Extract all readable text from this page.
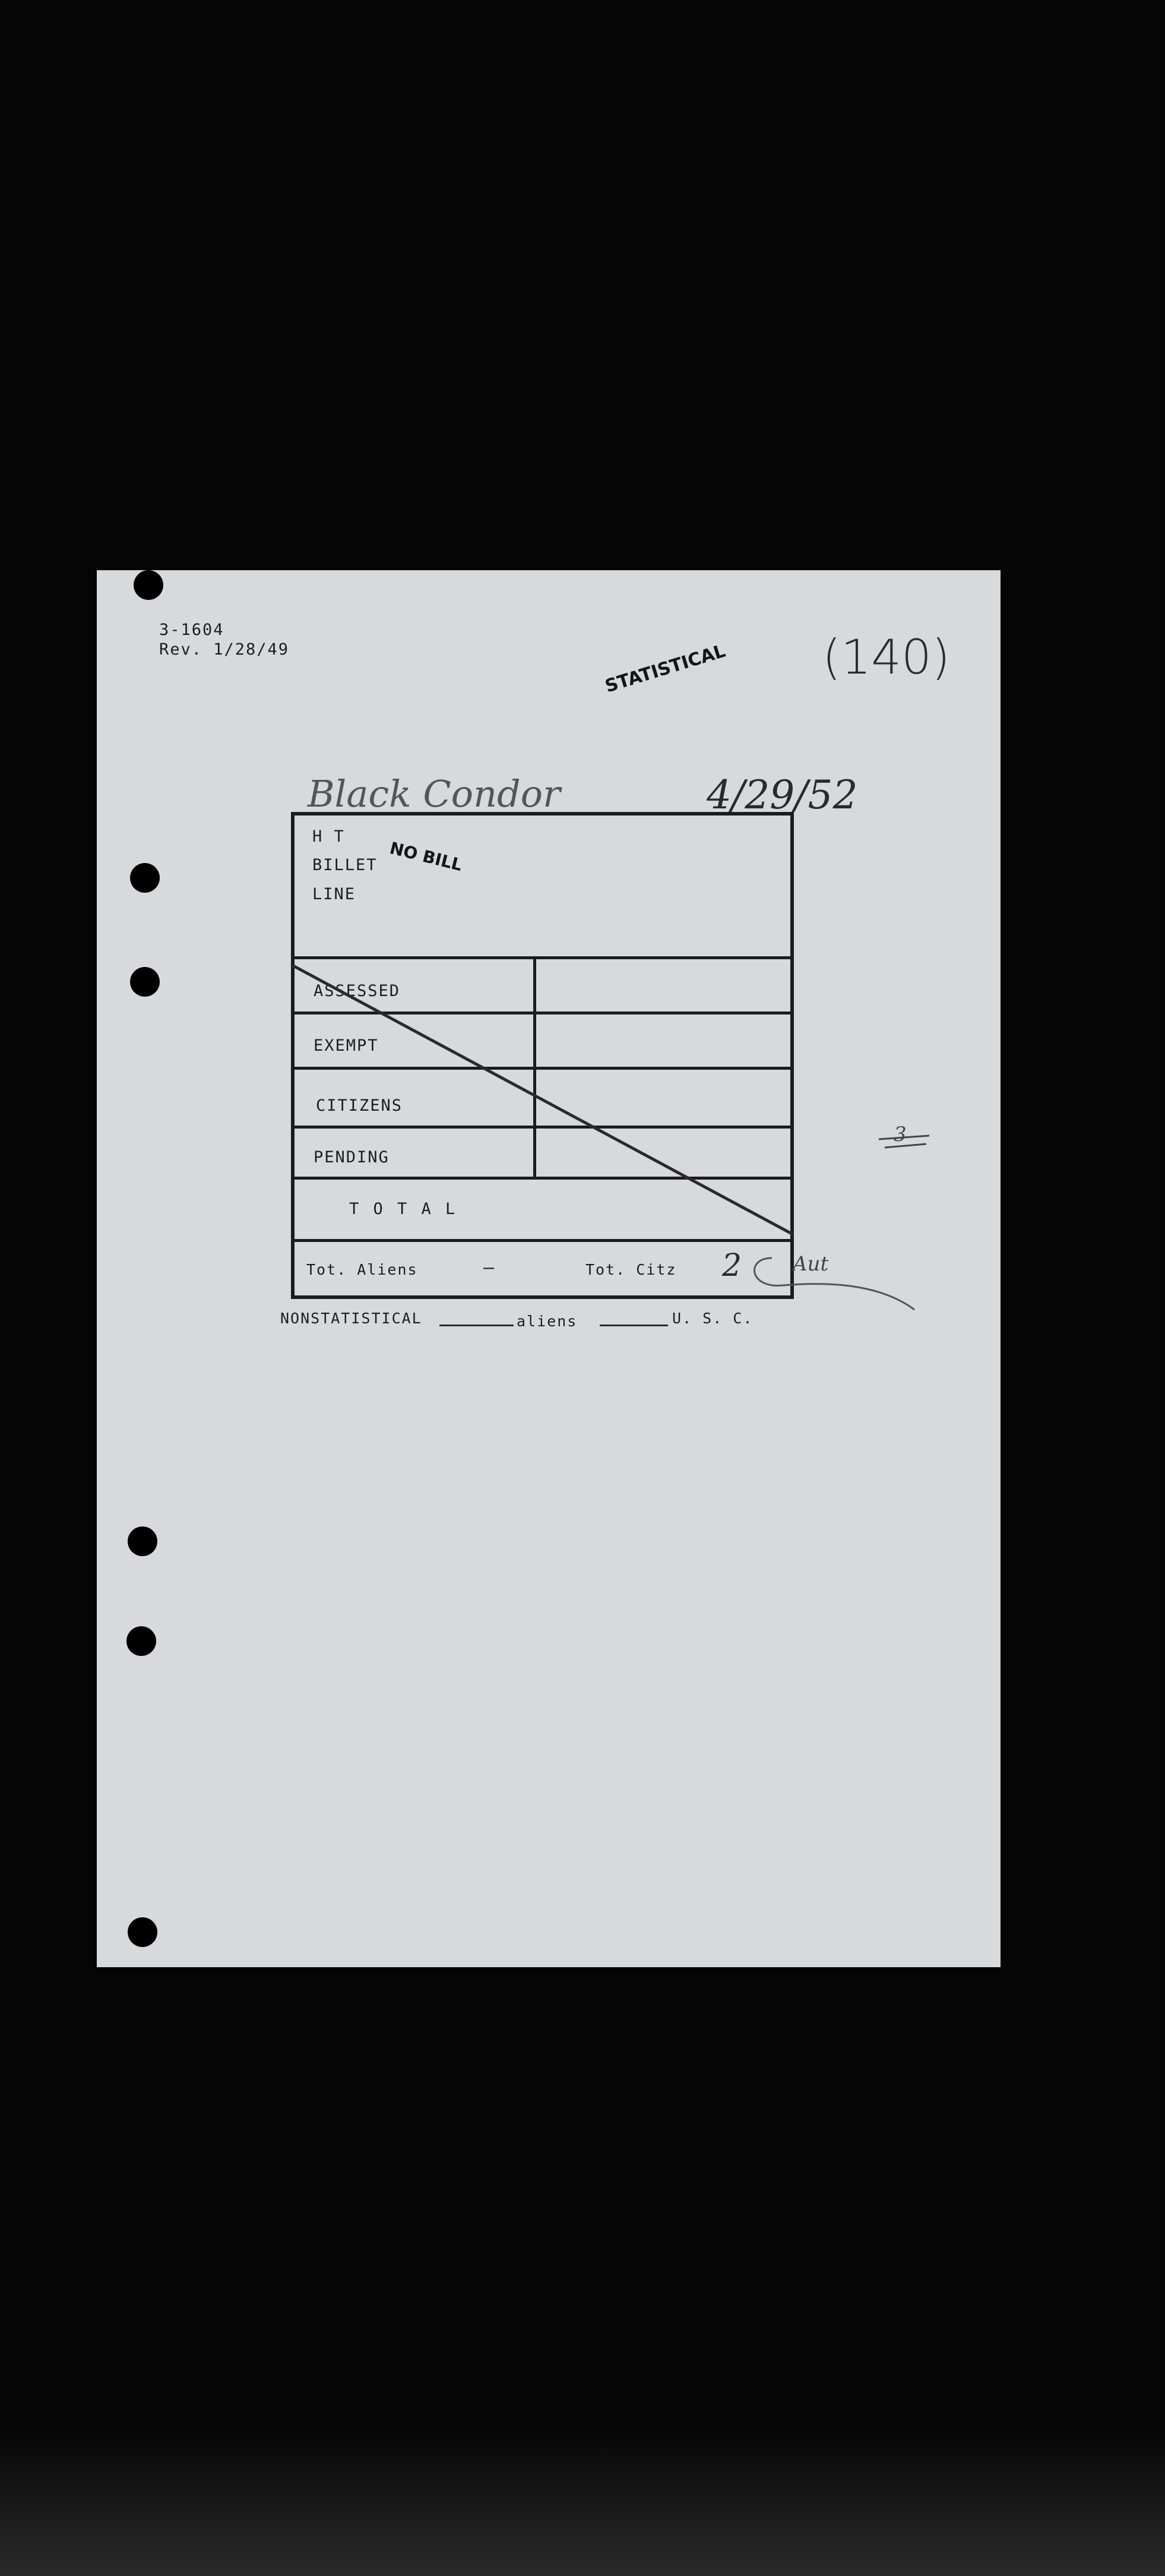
3-1604
Rev. 1/28/49	(140)
STATISTICAL
Black Condor	4/29/52
H T
BILLET
LINE
NO BILL
ASSESSED
EXEMPT
CITIZENS
PENDING
T O T A L
Tot. Aliens	—	Tot. Citz 2	Aut
3
NONSTATISTICAL	aliens	U. S. C.
